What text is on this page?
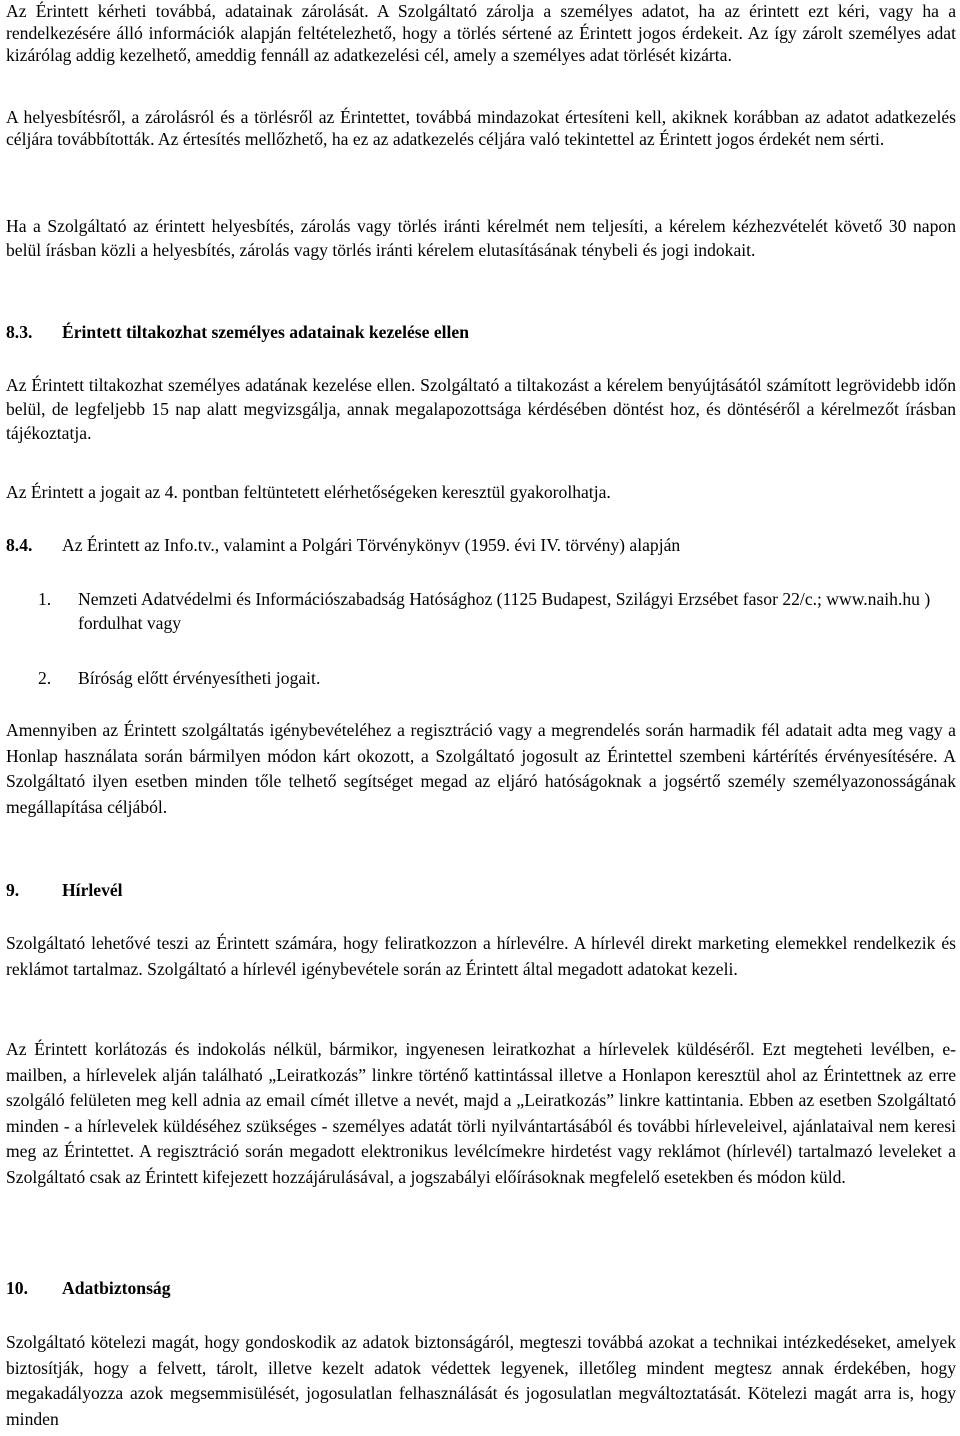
Az Érintett kérheti továbbá, adatainak zárolását. A Szolgáltató zárolja a személyes adatot, ha az érintett ezt kéri, vagy ha a rendelkezésére álló információk alapján feltételezhető, hogy a törlés sértené az Érintett jogos érdekeit. Az így zárolt személyes adat kizárólag addig kezelhető, ameddig fennáll az adatkezelési cél, amely a személyes adat törlését kizárta.

A helyesbítésről, a zárolásról és a törlésről az Érintettet, továbbá mindazokat értesíteni kell, akiknek korábban az adatot adatkezelés céljára továbbították. Az értesítés mellőzhető, ha ez az adatkezelés céljára való tekintettel az Érintett jogos érdekét nem sérti.

Ha a Szolgáltató az érintett helyesbítés, zárolás vagy törlés iránti kérelmét nem teljesíti, a kérelem kézhezvételét követő 30 napon belül írásban közli a helyesbítés, zárolás vagy törlés iránti kérelem elutasításának ténybeli és jogi indokait.

8.3. Érintett tiltakozhat személyes adatainak kezelése ellen

Az Érintett tiltakozhat személyes adatának kezelése ellen. Szolgáltató a tiltakozást a kérelem benyújtásától számított legrövidebb időn belül, de legfeljebb 15 nap alatt megvizsgálja, annak megalapozottsága kérdésében döntést hoz, és döntéséről a kérelmezőt írásban tájékoztatja.

Az Érintett a jogait az 4. pontban feltüntetett elérhetőségeken keresztül gyakorolhatja.

8.4. Az Érintett az Info.tv., valamint a Polgári Törvénykönyv (1959. évi IV. törvény) alapján
1. Nemzeti Adatvédelmi és Információszabadság Hatósághoz (1125 Budapest, Szilágyi Erzsébet fasor 22/c.; www.naih.hu ) fordulhat vagy
2. Bíróság előtt érvényesítheti jogait.

Amennyiben az Érintett szolgáltatás igénybevételéhez a regisztráció vagy a megrendelés során harmadik fél adatait adta meg vagy a Honlap használata során bármilyen módon kárt okozott, a Szolgáltató jogosult az Érintettel szembeni kártérítés érvényesítésére. A Szolgáltató ilyen esetben minden tőle telhető segítséget megad az eljáró hatóságoknak a jogsértő személy személyazonosságának megállapítása céljából.

9. Hírlevél

Szolgáltató lehetővé teszi az Érintett számára, hogy feliratkozzon a hírlevélre. A hírlevél direkt marketing elemekkel rendelkezik és reklámot tartalmaz. Szolgáltató a hírlevél igénybevétele során az Érintett által megadott adatokat kezeli.

Az Érintett korlátozás és indokolás nélkül, bármikor, ingyenesen leiratkozhat a hírlevelek küldéséről. Ezt megteheti levélben, e-mailben, a hírlevelek alján található „Leiratkozás” linkre történő kattintással illetve a Honlapon keresztül ahol az Érintettnek az erre szolgáló felületen meg kell adnia az email címét illetve a nevét, majd a „Leiratkozás” linkre kattintania. Ebben az esetben Szolgáltató minden - a hírlevelek küldéséhez szükséges - személyes adatát törli nyilvántartásából és további hírleveleivel, ajánlataival nem keresi meg az Érintettet. A regisztráció során megadott elektronikus levélcímekre hirdetést vagy reklámot (hírlevél) tartalmazó leveleket a Szolgáltató csak az Érintett kifejezett hozzájárulásával, a jogszabályi előírásoknak megfelelő esetekben és módon küld.

10. Adatbiztonság

Szolgáltató kötelezi magát, hogy gondoskodik az adatok biztonságáról, megteszi továbbá azokat a technikai intézkedéseket, amelyek biztosítják, hogy a felvett, tárolt, illetve kezelt adatok védettek legyenek, illetőleg mindent megtesz annak érdekében, hogy megakadályozza azok megsemmisülését, jogosulatlan felhasználását és jogosulatlan megváltoztatását. Kötelezi magát arra is, hogy minden
